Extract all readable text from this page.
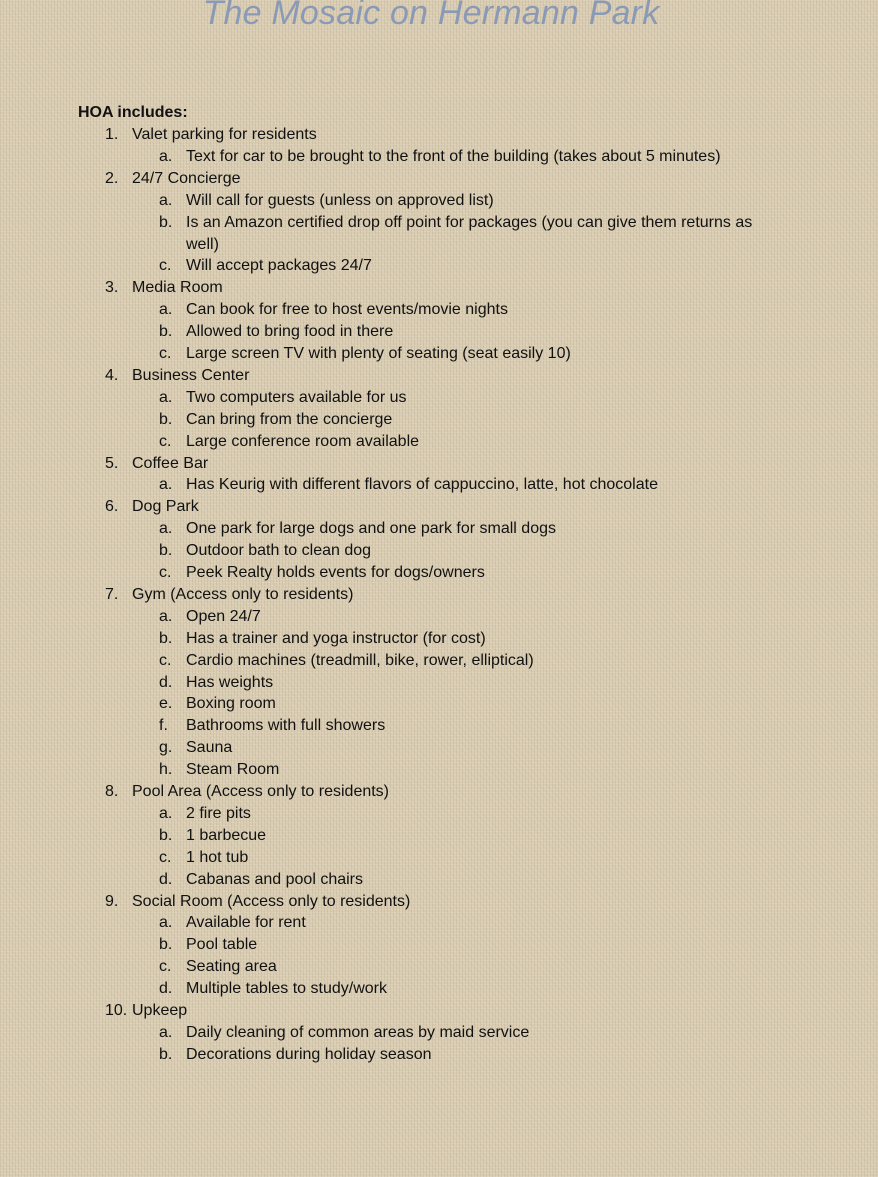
The Mosaic on Hermann Park
HOA includes:
1. Valet parking for residents
a. Text for car to be brought to the front of the building (takes about 5 minutes)
2. 24/7 Concierge
a. Will call for guests (unless on approved list)
b. Is an Amazon certified drop off point for packages (you can give them returns as well)
c. Will accept packages 24/7
3. Media Room
a. Can book for free to host events/movie nights
b. Allowed to bring food in there
c. Large screen TV with plenty of seating (seat easily 10)
4. Business Center
a. Two computers available for us
b. Can bring from the concierge
c. Large conference room available
5. Coffee Bar
a. Has Keurig with different flavors of cappuccino, latte, hot chocolate
6. Dog Park
a. One park for large dogs and one park for small dogs
b. Outdoor bath to clean dog
c. Peek Realty holds events for dogs/owners
7. Gym (Access only to residents)
a. Open 24/7
b. Has a trainer and yoga instructor (for cost)
c. Cardio machines (treadmill, bike, rower, elliptical)
d. Has weights
e. Boxing room
f. Bathrooms with full showers
g. Sauna
h. Steam Room
8. Pool Area (Access only to residents)
a. 2 fire pits
b. 1 barbecue
c. 1 hot tub
d. Cabanas and pool chairs
9. Social Room (Access only to residents)
a. Available for rent
b. Pool table
c. Seating area
d. Multiple tables to study/work
10. Upkeep
a. Daily cleaning of common areas by maid service
b. Decorations during holiday season
